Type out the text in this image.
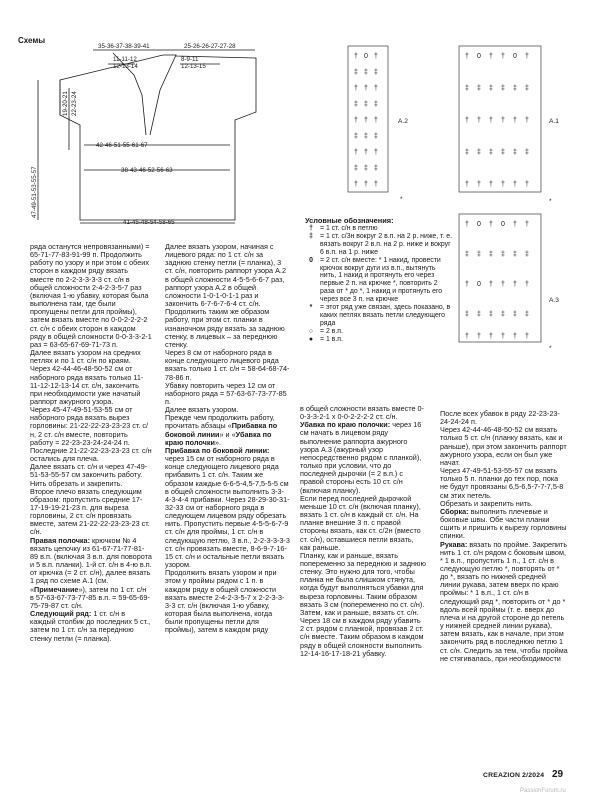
Схемы
35-36-37-38-39-41
11-11-12
12-13-14
25-26-26-27-27-28
8-9-11
12-13-15
47-49-51-53-55-57
19-20-21 22-23-24
42-46-51-55-61-67
38-43-46-52-56-63
41-45-48-54-58-65
† 0 †
‡ ‡ ‡
† † †
‡ ‡ ‡
† † †
‡ ‡ ‡
† † †
‡ ‡ ‡
† † †
A.2
*
† 0 † † 0 †
‡ ‡ ‡ ‡ ‡ ‡
† † † † † †
‡ ‡ ‡ ‡ ‡ ‡
† † † † † †
A.1
*
† 0 † 0 † †
‡ ‡ ‡ ‡ ‡ ‡
† 0 † † † †
‡ ‡ ‡ ‡ ‡ ‡
† † † † † †
A.3
*
Условные обозначения:
†	= 1 ст. с/н в петлю
‡	= 1 ст. с/3н вокруг 2 в.п. на 2 р. ниже, т. е. вязать вокруг 2 в.п. на 2 р. ниже и вокруг 6 в.п. на 1 р. ниже
0	= 2 ст. с/н вместе: * 1 накид, провести крючок вокруг дуги из в.п., вытянуть нить, 1 накид и протянуть его через первые 2 п. на крючке *, повторить 2 раза от * до *, 1 накид и протянуть его через все 3 п. на крючке
*	= этот ряд уже связан, здесь показано, в каких петлях вязать петли следующего ряда
○	= 2 в.п.
●	= 1 в.п.

ряда останутся непровязанными) = 65-71-77-83-91-99 п. Продолжить работу по узору и при этом с обеих сторон в каждом ряду вязать вместе по 2-2-3-3-3-3 ст. с/н в общей сложности 2-4-2-3-5-7 раз (включая 1-ю убавку, которая была выполнена там, где были пропущены петли для проймы), затем вязать вместе по 0-0-2-2-2-2 ст. с/н с обеих сторон в каждом ряду в общей сложности 0-0-3-3-2-1 раз = 63-65-67-69-71-73 п.

Далее вязать узором на средних петлях и по 1 ст. с/н по краям.

Через 42-44-46-48-50-52 см от наборного ряда вязать только 11-11-12-12-13-14 ст. с/н, закончить при необходимости уже начатый раппорт ажурного узора.

Через 45-47-49-51-53-55 см от наборного ряда вязать вырез горловины: 21-22-22-23-23-23 ст. с/н, 2 ст. с/н вместе, повторить работу = 22-23-23-24-24-24 п. Последние 21-22-22-23-23-23 ст. с/н остались для плеча.

Далее вязать ст. с/н и через 47-49-51-53-55-57 см закончить работу. Нить обрезать и закрепить.

Второе плечо вязать следующим образом: пропустить средние 17-17-19-19-21-23 п. для выреза горловины, 2 ст. с/н провязать вместе, затем 21-22-22-23-23-23 ст. с/н.

Правая полочка: крючком № 4 вязать цепочку из 61-67-71-77-81-89 в.п. (включая 3 в.п. для поворота и 5 в.п. планки). 1-й ст. с/н в 4-ю в.п. от крючка (= 2 ст. с/н), далее вязать 1 ряд по схеме А.1 (см. «Примечание»), затем по 1 ст. с/н в 57-63-67-73-77-85 в.п. = 59-65-69-75-79-87 ст. с/н.

Следующий ряд: 1 ст. с/н в каждый столбик до последних 5 ст., затем по 1 ст. с/н за переднюю стенку петли (= планка).

Далее вязать узором, начиная с лицевого ряда: по 1 ст. с/н за заднюю стенку петли (= планка), 3 ст. с/н, повторить раппорт узора А.2 в общей сложности 4-5-5-6-6-7 раз, раппорт узора А.2 в общей сложности 1-0-1-0-1-1 раз и закончить 6-7-6-7-6-4 ст. с/н.

Продолжить таким же образом работу, при этом ст. планки в изнаночном ряду вязать за заднюю стенку, в лицевых – за переднюю стенку.

Через 8 см от наборного ряда в конце следующего лицевого ряда вязать только 1 ст. с/н = 58-64-68-74-78-86 п.

Убавку повторить через 12 см от наборного ряда = 57-63-67-73-77-85 п.

Далее вязать узором.

Прежде чем продолжить работу, прочитать абзацы «Прибавка по боковой линии» и «Убавка по краю полочки».

Прибавка по боковой линии: через 15 см от наборного ряда в конце следующего лицевого ряда прибавить 1 ст. с/н. Таким же образом каждые 6-6-5-4,5-7,5-5-5 см в общей сложности выполнить 3-3-4-3-4-4 прибавки. Через 28-29-30-31-32-33 см от наборного ряда в следующем лицевом ряду обрезать нить. Пропустить первые 4-5-5-6-7-9 ст. с/н для проймы, 1 ст. с/н в следующую петлю, 3 в.п., 2-2-3-3-3-3 ст. с/н провязать вместе, 8-6-9-7-16-15 ст. с/н и остальные петли вязать узором.

Продолжить вязать узором и при этом у проймы рядом с 1 п. в каждом ряду в общей сложности вязать вместе 2-4-2-3-5-7 х 2-2-3-3-3-3 ст. с/н (включая 1-ю убавку, которая была выполнена, когда были пропущены петли для проймы), затем в каждом ряду

в общей сложности вязать вместе 0-0-3-3-2-1 х 0-0-2-2-2-2 ст. с/н.

Убавка по краю полочки: через 16 см начать в лицевом ряду выполнение раппорта ажурного узора А.3 (ажурный узор непосредственно рядом с планкой), только при условии, что до последней дырочки (= 2 в.п.) с правой стороны есть 10 ст. с/н (включая планку).

Если перед последней дырочкой меньше 10 ст. с/н (включая планку), вязать 1 ст. с/н в каждый ст. с/н. На планке внешние 3 п. с правой стороны вязать, как ст. с/2н (вместо ст. с/н), оставшиеся петли вязать, как раньше.

Планку, как и раньше, вязать попеременно за переднюю и заднюю стенку. Это нужно для того, чтобы планка не была слишком стянута, когда будут выполняться убавки для выреза горловины. Таким образом вязать 3 см (попеременно по ст. с/н). Затем, как и раньше, вязать ст. с/н.

Через 18 см в каждом ряду убавить 2 ст. рядом с планкой, провязав 2 ст. с/н вместе. Таким образом в каждом ряду в общей сложности выполнить 12-14-16-17-18-21 убавку.

После всех убавок в ряду 22-23-23-24-24-24 п.

Через 42-44-46-48-50-52 см вязать только 5 ст. с/н (планку вязать, как и раньше), при этом закончить раппорт ажурного узора, если он был уже начат.

Через 47-49-51-53-55-57 см вязать только 5 п. планки до тех пор, пока не будут провязаны 6,5-6,5-7-7-7,5-8 см этих петель.

Обрезать и закрепить нить.

Сборка: выполнить плечевые и боковые швы. Обе части планки сшить и пришить к вырезу горловины спинки.

Рукава: вязать по пройме. Закрепить нить 1 ст. с/н рядом с боковым швом, * 1 в.п., пропустить 1 п., 1 ст. с/н в следующую петлю *, повторять от * до *, вязать по нижней средней линии рукава, затем вверх по краю проймы: * 1 в.п., 1 ст. с/н в следующий ряд *, повторить от * до * вдоль всей проймы (т. е. вверх до плеча и на другой стороне до петель у нижней средней линии рукава), затем вязать, как в начале, при этом закончить ряд в последнюю петлю 1 ст. с/н. Следить за тем, чтобы пройма не стягивалась, при необходимости

CREAZION 2/2024 29
PassionForum.ru
